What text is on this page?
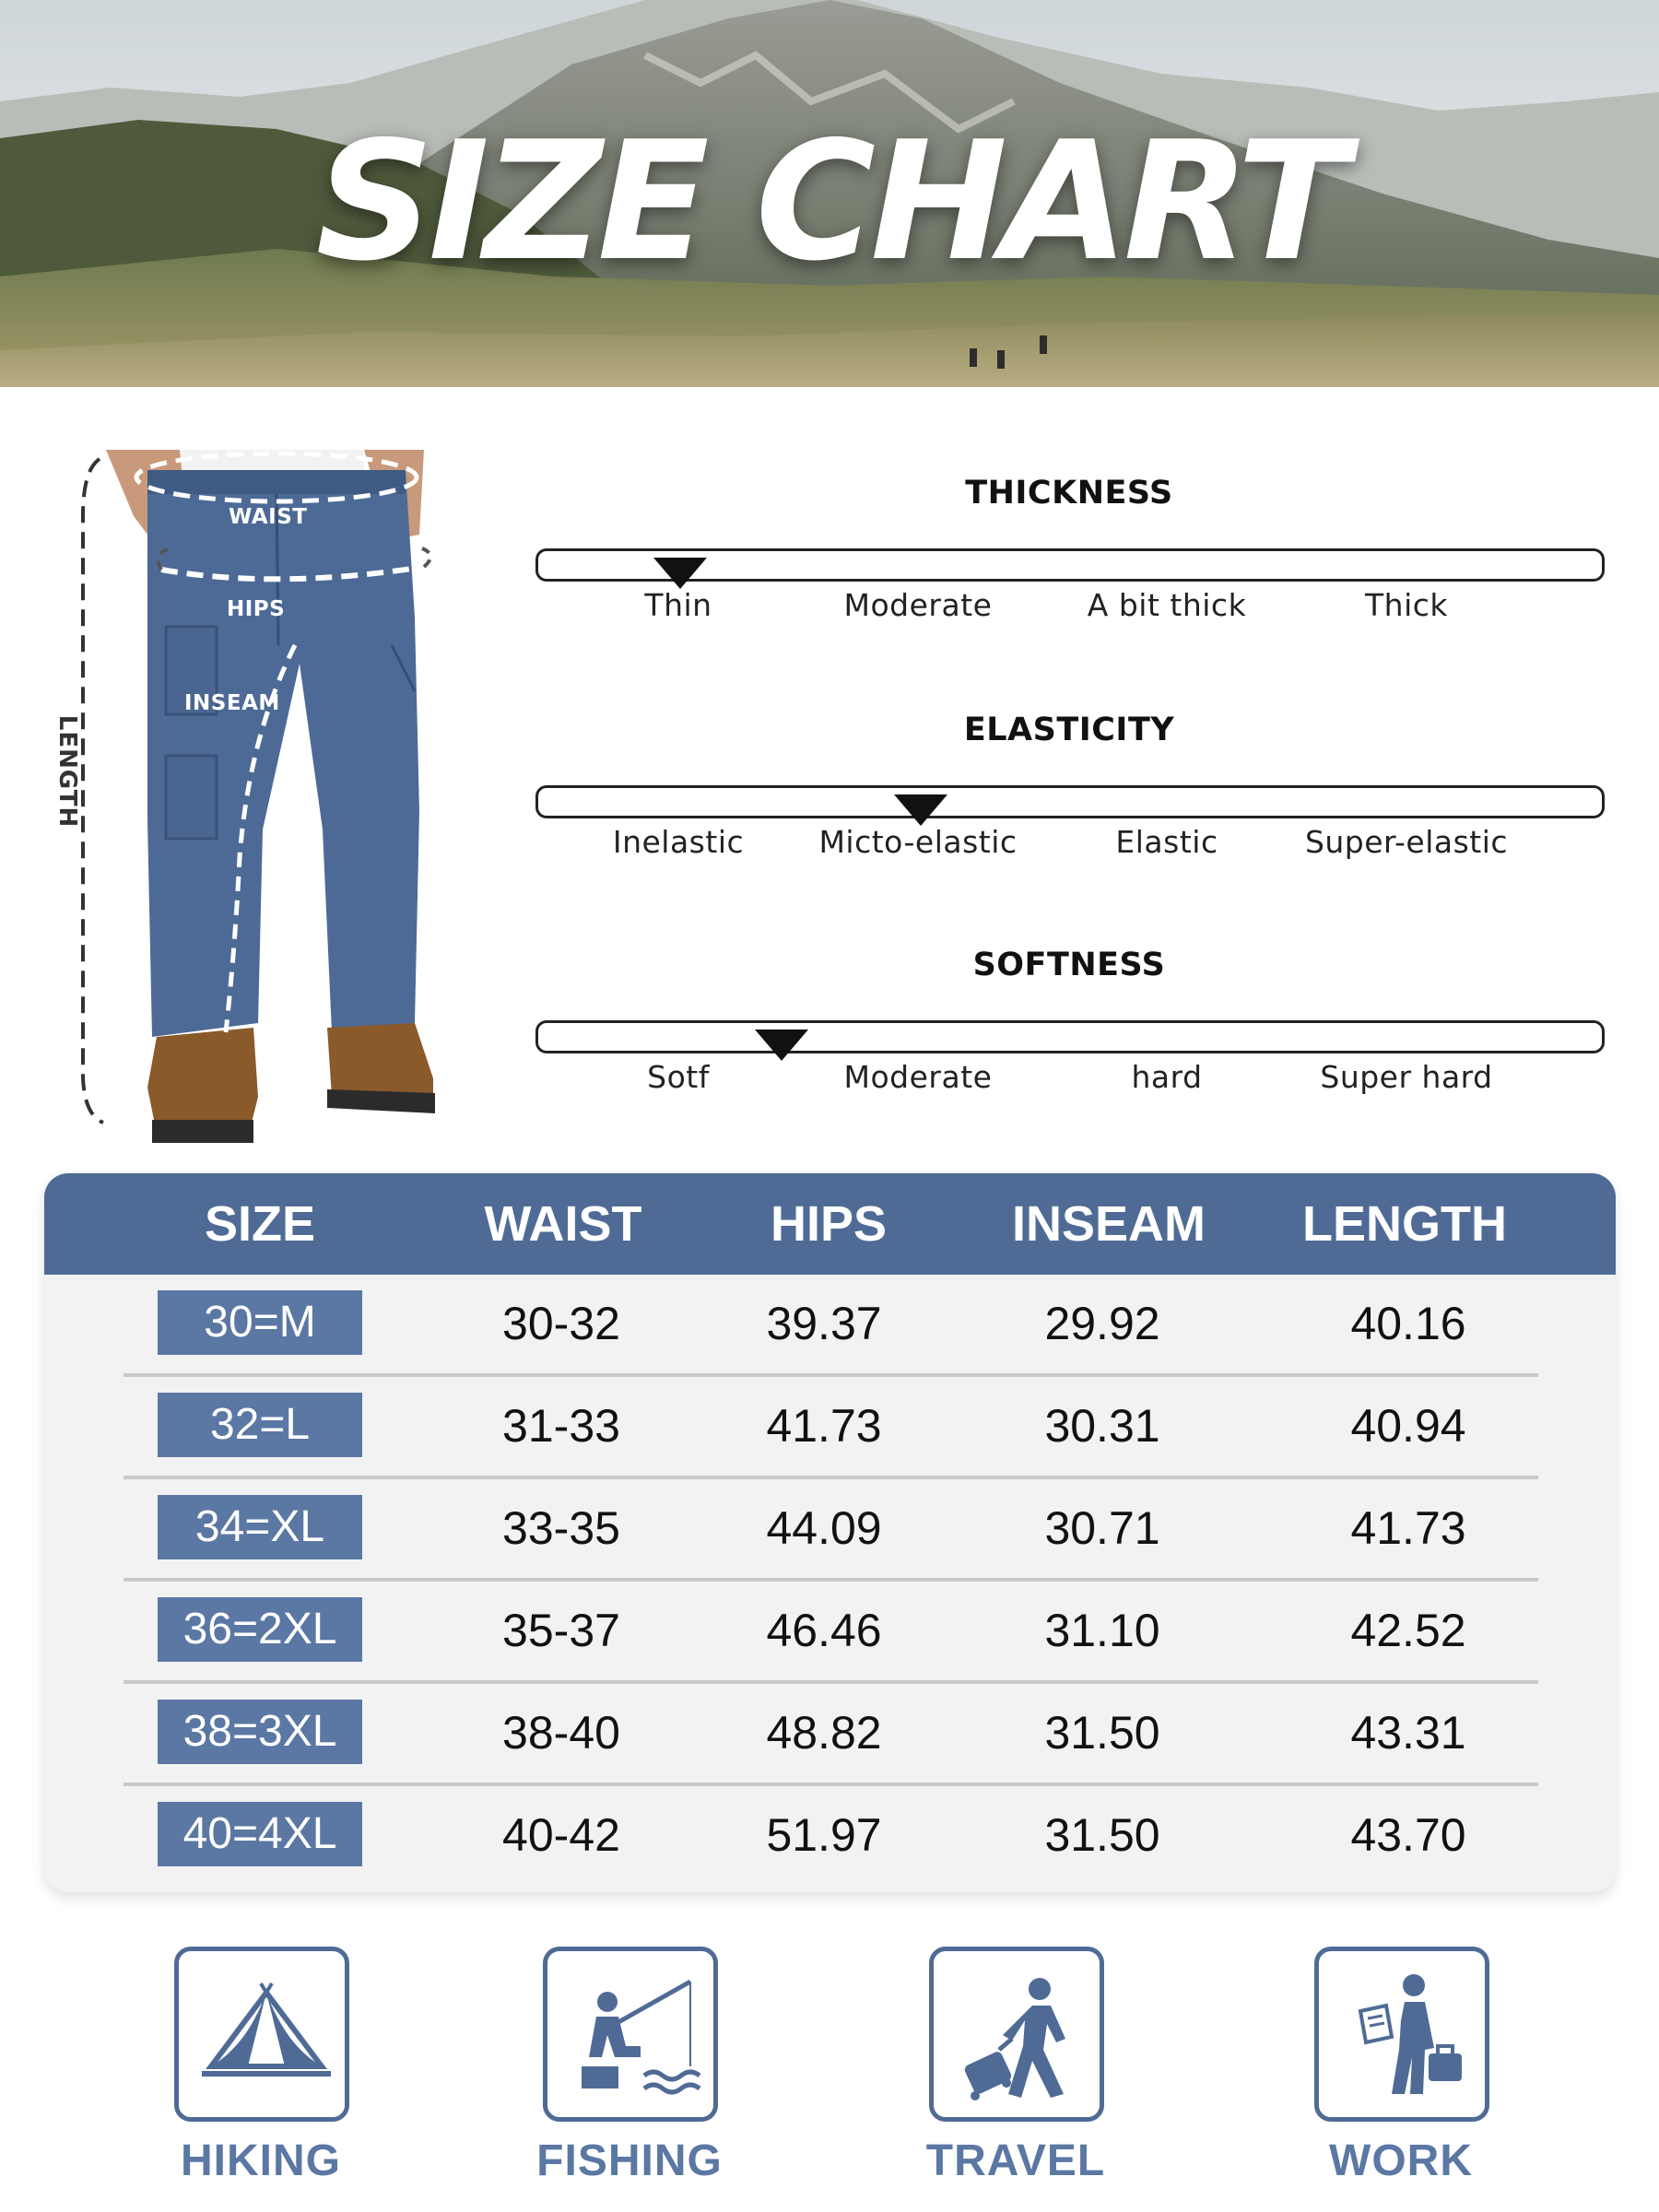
SIZE CHART
WAIST
HIPS
INSEAM
LENGTH
THICKNESS
Thin	Moderate	A bit thick	Thick
ELASTICITY
Inelastic	Micto-elastic	Elastic	Super-elastic
SOFTNESS
Sotf	Moderate	hard	Super hard
SIZE	WAIST	HIPS	INSEAM	LENGTH
30=M	30-32	39.37	29.92	40.16
32=L	31-33	41.73	30.31	40.94
34=XL	33-35	44.09	30.71	41.73
36=2XL	35-37	46.46	31.10	42.52
38=3XL	38-40	48.82	31.50	43.31
40=4XL	40-42	51.97	31.50	43.70
HIKING	FISHING	TRAVEL	WORK
